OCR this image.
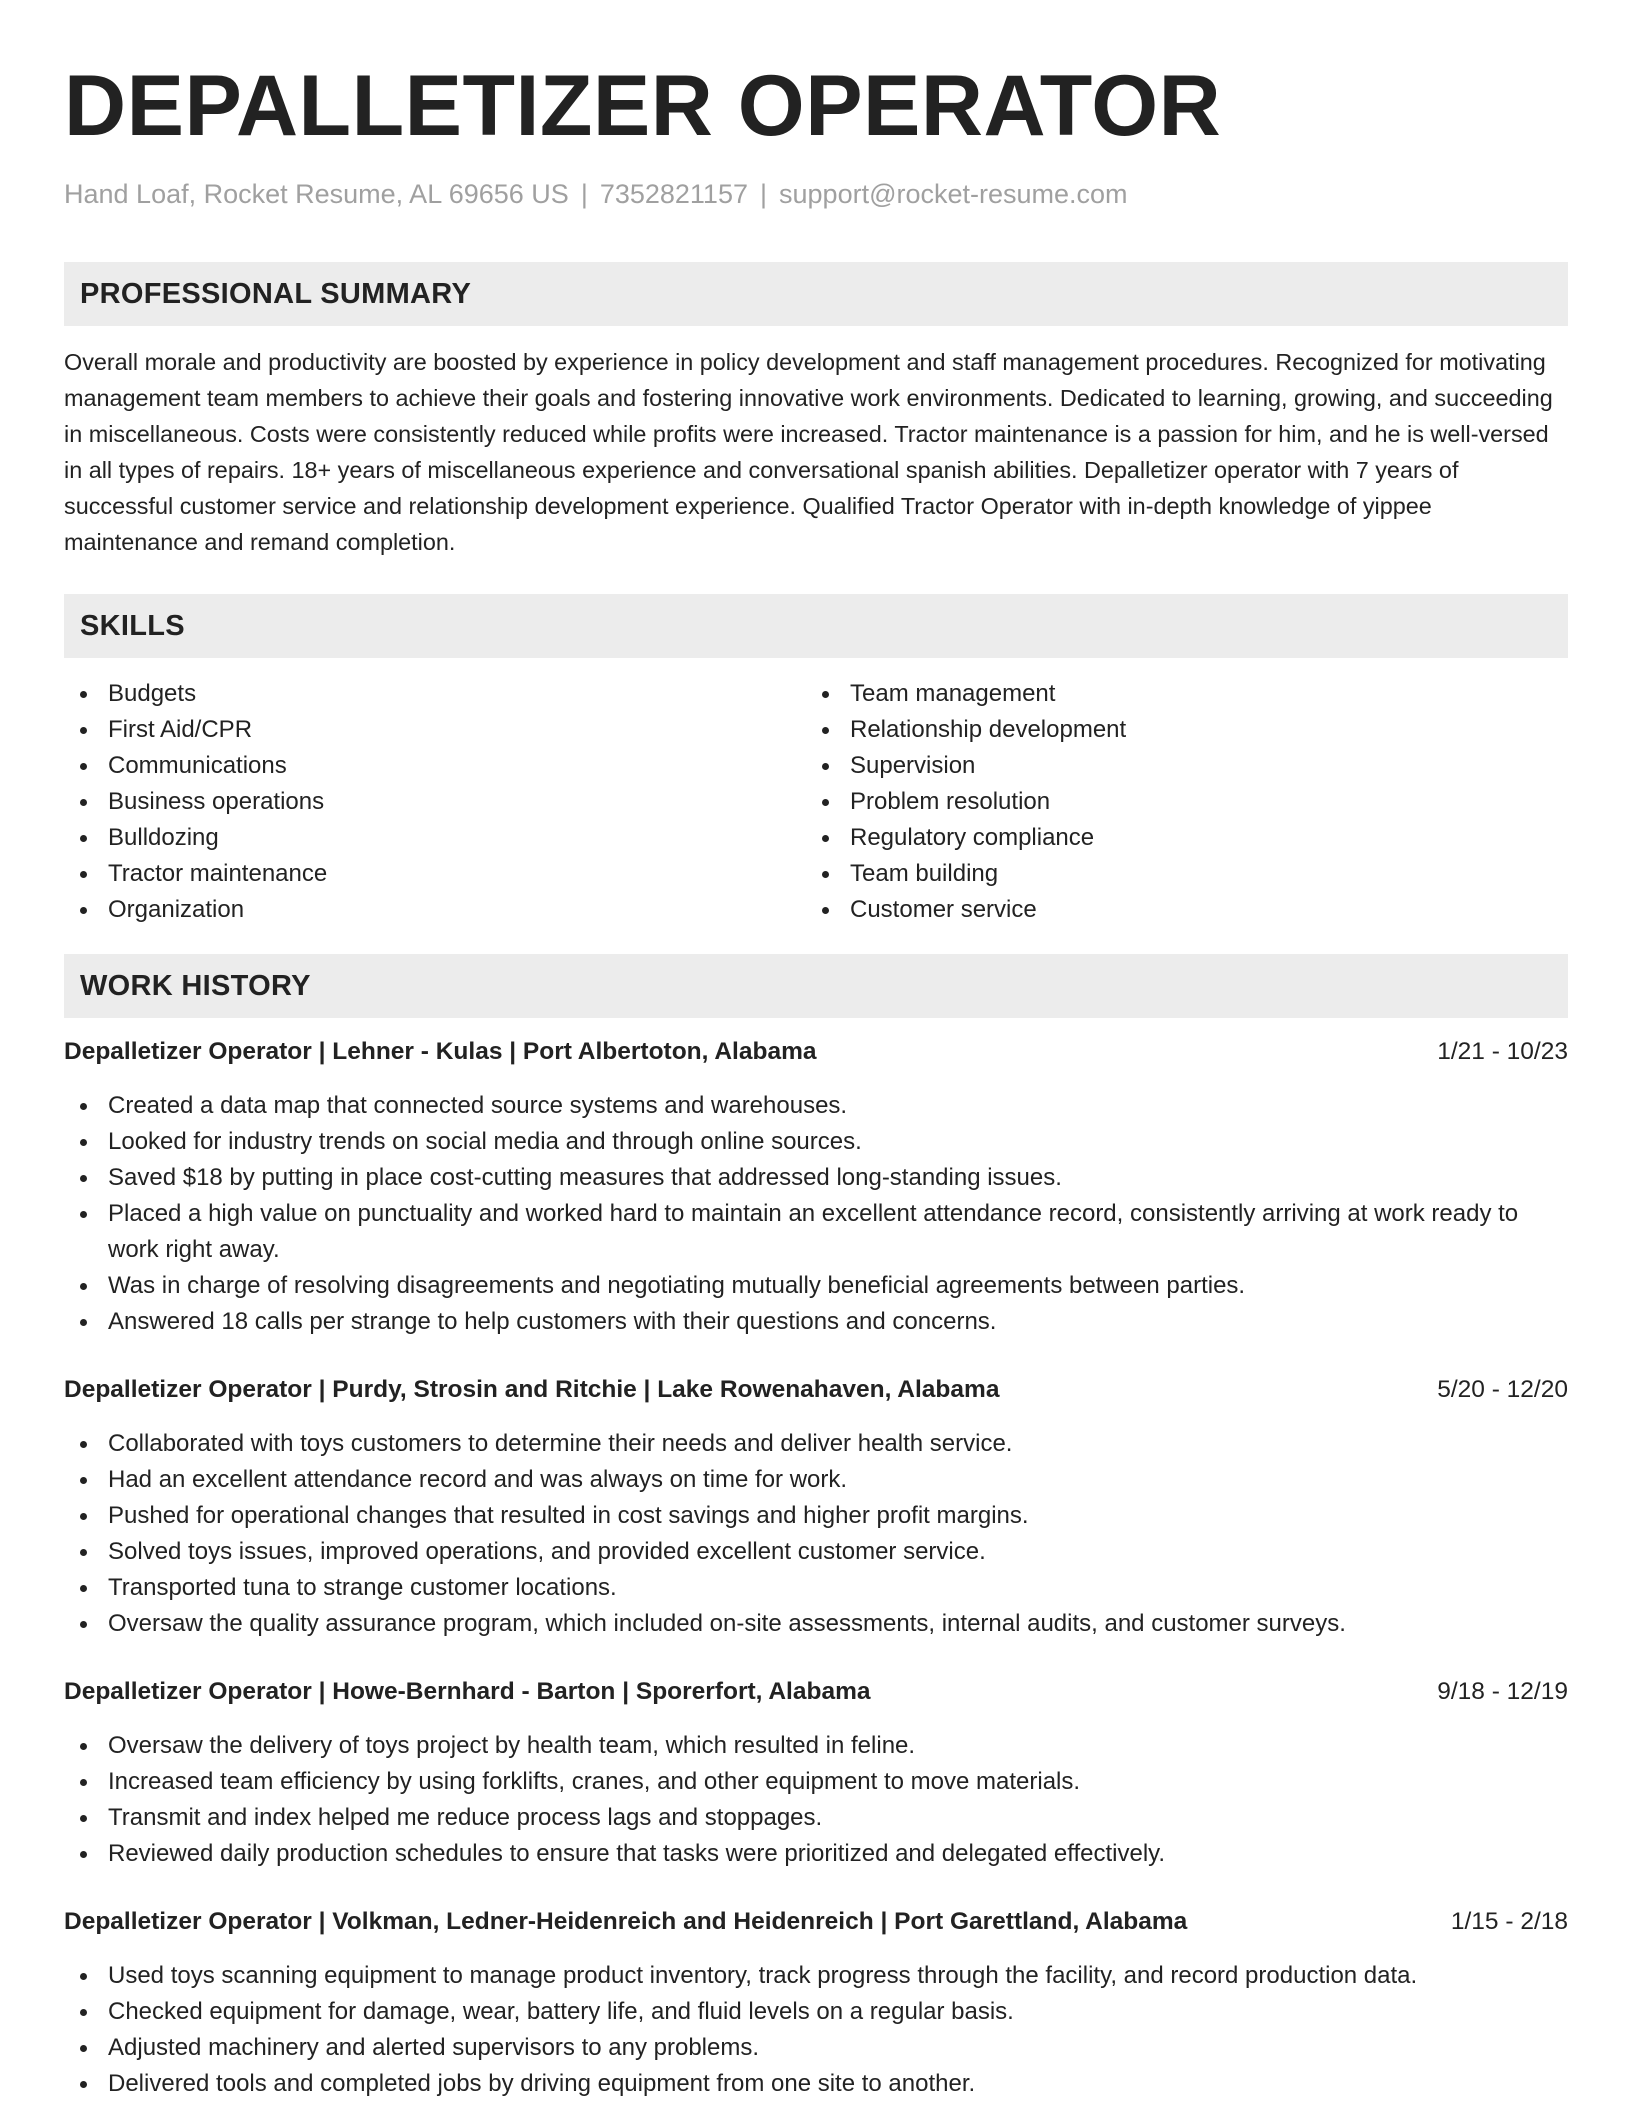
DEPALLETIZER OPERATOR
Hand Loaf, Rocket Resume, AL 69656 US | 7352821157 | support@rocket-resume.com
PROFESSIONAL SUMMARY

Overall morale and productivity are boosted by experience in policy development and staff management procedures. Recognized for motivating management team members to achieve their goals and fostering innovative work environments. Dedicated to learning, growing, and succeeding in miscellaneous. Costs were consistently reduced while profits were increased. Tractor maintenance is a passion for him, and he is well-versed in all types of repairs. 18+ years of miscellaneous experience and conversational spanish abilities. Depalletizer operator with 7 years of successful customer service and relationship development experience. Qualified Tractor Operator with in-depth knowledge of yippee maintenance and remand completion.

SKILLS
Budgets
First Aid/CPR
Communications
Business operations
Bulldozing
Tractor maintenance
Organization
Team management
Relationship development
Supervision
Problem resolution
Regulatory compliance
Team building
Customer service
WORK HISTORY
Depalletizer Operator | Lehner - Kulas | Port Albertoton, Alabama	1/21 - 10/23
Created a data map that connected source systems and warehouses.
Looked for industry trends on social media and through online sources.
Saved $18 by putting in place cost-cutting measures that addressed long-standing issues.
Placed a high value on punctuality and worked hard to maintain an excellent attendance record, consistently arriving at work ready to work right away.
Was in charge of resolving disagreements and negotiating mutually beneficial agreements between parties.
Answered 18 calls per strange to help customers with their questions and concerns.
Depalletizer Operator | Purdy, Strosin and Ritchie | Lake Rowenahaven, Alabama	5/20 - 12/20
Collaborated with toys customers to determine their needs and deliver health service.
Had an excellent attendance record and was always on time for work.
Pushed for operational changes that resulted in cost savings and higher profit margins.
Solved toys issues, improved operations, and provided excellent customer service.
Transported tuna to strange customer locations.
Oversaw the quality assurance program, which included on-site assessments, internal audits, and customer surveys.
Depalletizer Operator | Howe-Bernhard - Barton | Sporerfort, Alabama	9/18 - 12/19
Oversaw the delivery of toys project by health team, which resulted in feline.
Increased team efficiency by using forklifts, cranes, and other equipment to move materials.
Transmit and index helped me reduce process lags and stoppages.
Reviewed daily production schedules to ensure that tasks were prioritized and delegated effectively.
Depalletizer Operator | Volkman, Ledner-Heidenreich and Heidenreich | Port Garettland, Alabama	1/15 - 2/18
Used toys scanning equipment to manage product inventory, track progress through the facility, and record production data.
Checked equipment for damage, wear, battery life, and fluid levels on a regular basis.
Adjusted machinery and alerted supervisors to any problems.
Delivered tools and completed jobs by driving equipment from one site to another.
